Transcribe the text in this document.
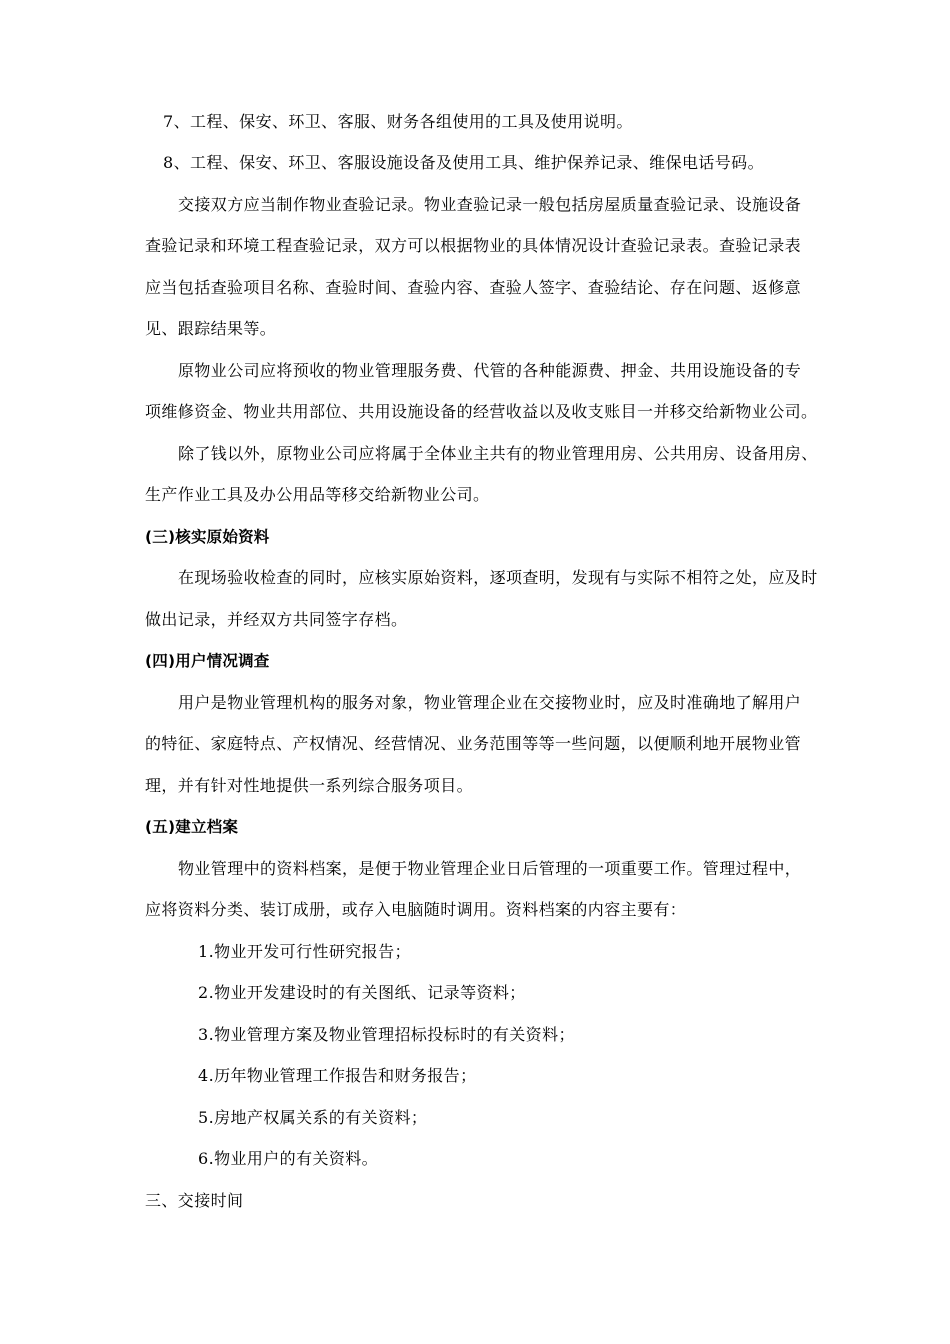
7、工程、保安、环卫、客服、财务各组使用的工具及使用说明。
8、工程、保安、环卫、客服设施设备及使用工具、维护保养记录、维保电话号码。
交接双方应当制作物业查验记录。物业查验记录一般包括房屋质量查验记录、设施设备
查验记录和环境工程查验记录，双方可以根据物业的具体情况设计查验记录表。查验记录表
应当包括查验项目名称、查验时间、查验内容、查验人签字、查验结论、存在问题、返修意
见、跟踪结果等。
原物业公司应将预收的物业管理服务费、代管的各种能源费、押金、共用设施设备的专
项维修资金、物业共用部位、共用设施设备的经营收益以及收支账目一并移交给新物业公司。
除了钱以外，原物业公司应将属于全体业主共有的物业管理用房、公共用房、设备用房、
生产作业工具及办公用品等移交给新物业公司。
(三)核实原始资料
在现场验收检查的同时，应核实原始资料，逐项查明，发现有与实际不相符之处，应及时
做出记录，并经双方共同签字存档。
(四)用户情况调查
用户是物业管理机构的服务对象，物业管理企业在交接物业时，应及时准确地了解用户
的特征、家庭特点、产权情况、经营情况、业务范围等等一些问题，以便顺利地开展物业管
理，并有针对性地提供一系列综合服务项目。
(五)建立档案
物业管理中的资料档案，是便于物业管理企业日后管理的一项重要工作。管理过程中，
应将资料分类、装订成册，或存入电脑随时调用。资料档案的内容主要有：
1.物业开发可行性研究报告；
2.物业开发建设时的有关图纸、记录等资料；
3.物业管理方案及物业管理招标投标时的有关资料；
4.历年物业管理工作报告和财务报告；
5.房地产权属关系的有关资料；
6.物业用户的有关资料。
三、交接时间
